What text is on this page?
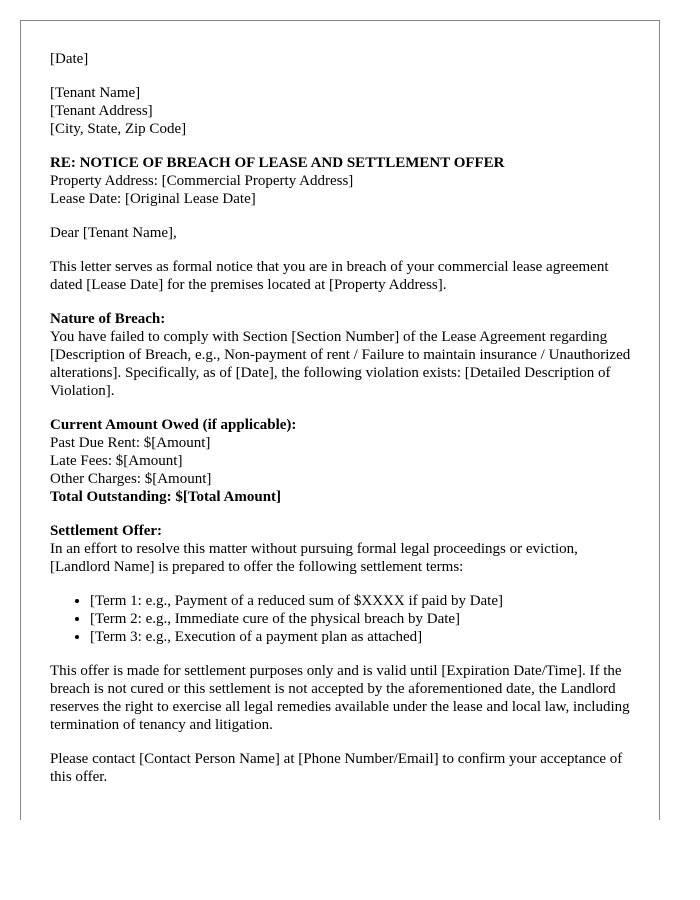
[Date]
[Tenant Name]
[Tenant Address]
[City, State, Zip Code]
RE: NOTICE OF BREACH OF LEASE AND SETTLEMENT OFFER
Property Address: [Commercial Property Address]
Lease Date: [Original Lease Date]
Dear [Tenant Name],

This letter serves as formal notice that you are in breach of your commercial lease agreement dated [Lease Date] for the premises located at [Property Address].

Nature of Breach:
You have failed to comply with Section [Section Number] of the Lease Agreement regarding [Description of Breach, e.g., Non-payment of rent / Failure to maintain insurance / Unauthorized alterations]. Specifically, as of [Date], the following violation exists: [Detailed Description of Violation].
Current Amount Owed (if applicable):
Past Due Rent: $[Amount]
Late Fees: $[Amount]
Other Charges: $[Amount]
Total Outstanding: $[Total Amount]
Settlement Offer:
In an effort to resolve this matter without pursuing formal legal proceedings or eviction, [Landlord Name] is prepared to offer the following settlement terms:
• [Term 1: e.g., Payment of a reduced sum of $XXXX if paid by Date]
• [Term 2: e.g., Immediate cure of the physical breach by Date]
• [Term 3: e.g., Execution of a payment plan as attached]

This offer is made for settlement purposes only and is valid until [Expiration Date/Time]. If the breach is not cured or this settlement is not accepted by the aforementioned date, the Landlord reserves the right to exercise all legal remedies available under the lease and local law, including termination of tenancy and litigation.

Please contact [Contact Person Name] at [Phone Number/Email] to confirm your acceptance of this offer.
